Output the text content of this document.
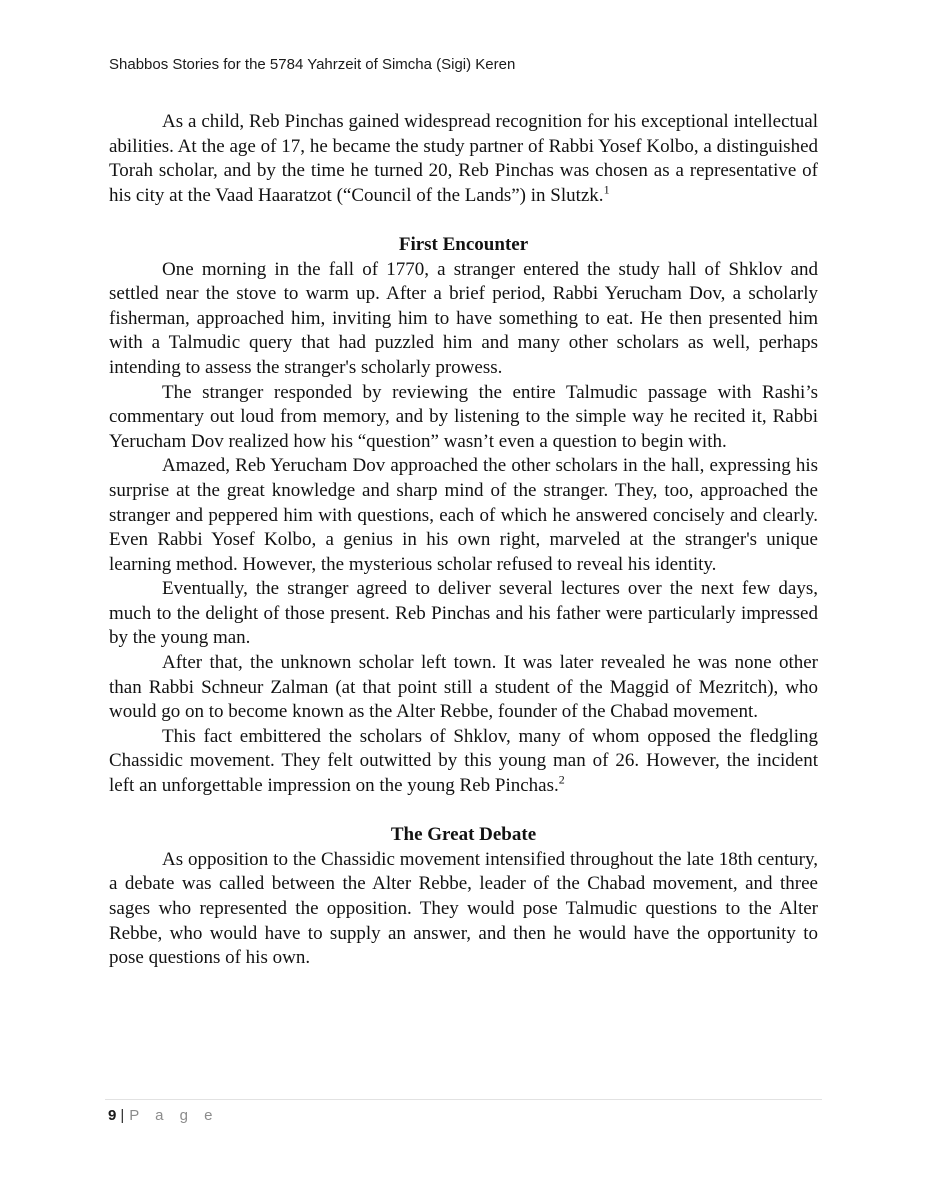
Shabbos Stories for the 5784 Yahrzeit of Simcha (Sigi) Keren

As a child, Reb Pinchas gained widespread recognition for his exceptional intellectual abilities. At the age of 17, he became the study partner of Rabbi Yosef Kolbo, a distinguished Torah scholar, and by the time he turned 20, Reb Pinchas was chosen as a representative of his city at the Vaad Haaratzot (“Council of the Lands”) in Slutzk.$^1$

First Encounter

One morning in the fall of 1770, a stranger entered the study hall of Shklov and settled near the stove to warm up. After a brief period, Rabbi Yerucham Dov, a scholarly fisherman, approached him, inviting him to have something to eat. He then presented him with a Talmudic query that had puzzled him and many other scholars as well, perhaps intending to assess the stranger's scholarly prowess.

The stranger responded by reviewing the entire Talmudic passage with Rashi’s commentary out loud from memory, and by listening to the simple way he recited it, Rabbi Yerucham Dov realized how his “question” wasn’t even a question to begin with.

Amazed, Reb Yerucham Dov approached the other scholars in the hall, expressing his surprise at the great knowledge and sharp mind of the stranger. They, too, approached the stranger and peppered him with questions, each of which he answered concisely and clearly. Even Rabbi Yosef Kolbo, a genius in his own right, marveled at the stranger's unique learning method. However, the mysterious scholar refused to reveal his identity.

Eventually, the stranger agreed to deliver several lectures over the next few days, much to the delight of those present. Reb Pinchas and his father were particularly impressed by the young man.

After that, the unknown scholar left town. It was later revealed he was none other than Rabbi Schneur Zalman (at that point still a student of the Maggid of Mezritch), who would go on to become known as the Alter Rebbe, founder of the Chabad movement.

This fact embittered the scholars of Shklov, many of whom opposed the fledgling Chassidic movement. They felt outwitted by this young man of 26. However, the incident left an unforgettable impression on the young Reb Pinchas.$^2$

The Great Debate

As opposition to the Chassidic movement intensified throughout the late 18th century, a debate was called between the Alter Rebbe, leader of the Chabad movement, and three sages who represented the opposition. They would pose Talmudic questions to the Alter Rebbe, who would have to supply an answer, and then he would have the opportunity to pose questions of his own.

9 | P a g e
